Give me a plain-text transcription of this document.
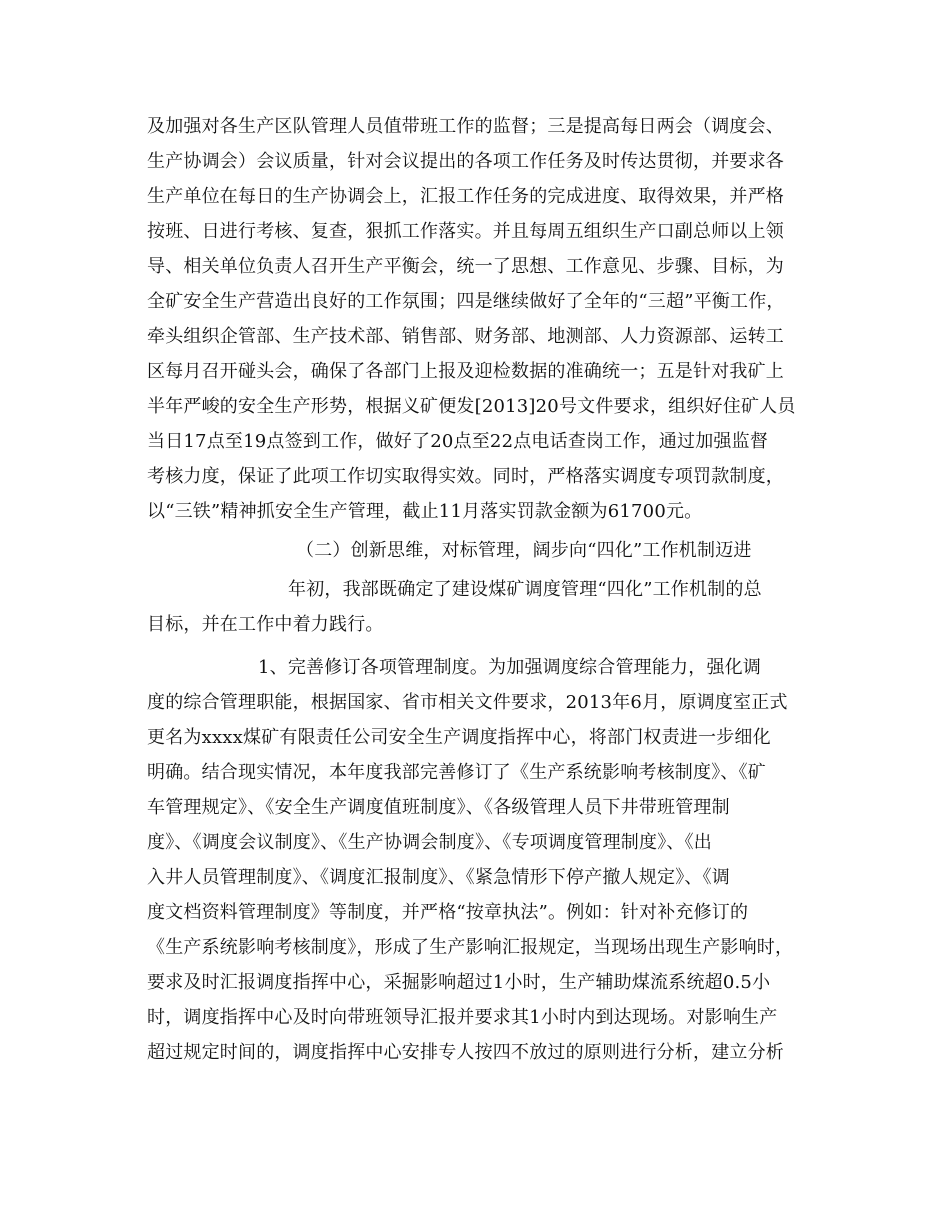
及加强对各生产区队管理人员值带班工作的监督；三是提高每日两会（调度会、
生产协调会）会议质量，针对会议提出的各项工作任务及时传达贯彻，并要求各
生产单位在每日的生产协调会上，汇报工作任务的完成进度、取得效果，并严格
按班、日进行考核、复查，狠抓工作落实。并且每周五组织生产口副总师以上领
导、相关单位负责人召开生产平衡会，统一了思想、工作意见、步骤、目标，为
全矿安全生产营造出良好的工作氛围；四是继续做好了全年的“三超”平衡工作，
牵头组织企管部、生产技术部、销售部、财务部、地测部、人力资源部、运转工
区每月召开碰头会，确保了各部门上报及迎检数据的准确统一；五是针对我矿上
半年严峻的安全生产形势，根据义矿便发[2013]20号文件要求，组织好住矿人员
当日17点至19点签到工作，做好了20点至22点电话查岗工作，通过加强监督
考核力度，保证了此项工作切实取得实效。同时，严格落实调度专项罚款制度，
以“三铁”精神抓安全生产管理，截止11月落实罚款金额为61700元。
（二）创新思维，对标管理，阔步向“四化”工作机制迈进
年初，我部既确定了建设煤矿调度管理“四化”工作机制的总
目标，并在工作中着力践行。
1、完善修订各项管理制度。为加强调度综合管理能力，强化调
度的综合管理职能，根据国家、省市相关文件要求，2013年6月，原调度室正式
更名为xxxx煤矿有限责任公司安全生产调度指挥中心，将部门权责进一步细化
明确。结合现实情况，本年度我部完善修订了《生产系统影响考核制度》、《矿
车管理规定》、《安全生产调度值班制度》、《各级管理人员下井带班管理制
度》、《调度会议制度》、《生产协调会制度》、《专项调度管理制度》、《出
入井人员管理制度》、《调度汇报制度》、《紧急情形下停产撤人规定》、《调
度文档资料管理制度》等制度，并严格“按章执法”。例如：针对补充修订的
《生产系统影响考核制度》，形成了生产影响汇报规定，当现场出现生产影响时，
要求及时汇报调度指挥中心，采掘影响超过1小时，生产辅助煤流系统超0.5小
时，调度指挥中心及时向带班领导汇报并要求其1小时内到达现场。对影响生产
超过规定时间的，调度指挥中心安排专人按四不放过的原则进行分析，建立分析
